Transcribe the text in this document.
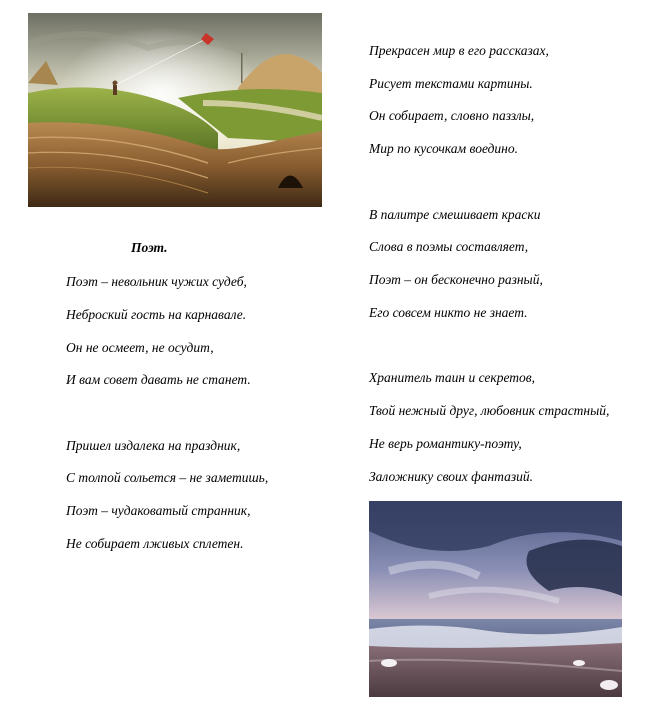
Поэт.
Поэт – невольник чужих судеб,
Неброский гость на карнавале.
Он не осмеет, не осудит,
И вам совет давать не станет.
Пришел издалека на праздник,
С толпой сольется – не заметишь,
Поэт – чудаковатый странник,
Не собирает лживых сплетен.
Прекрасен мир в его рассказах,
Рисует текстами картины.
Он собирает, словно паззлы,
Мир по кусочкам воедино.
В палитре смешивает краски
Слова в поэмы составляет,
Поэт – он бесконечно разный,
Его совсем никто не знает.
Хранитель таин и секретов,
Твой нежный друг, любовник страстный,
Не верь романтику-поэту,
Заложнику своих фантазий.
